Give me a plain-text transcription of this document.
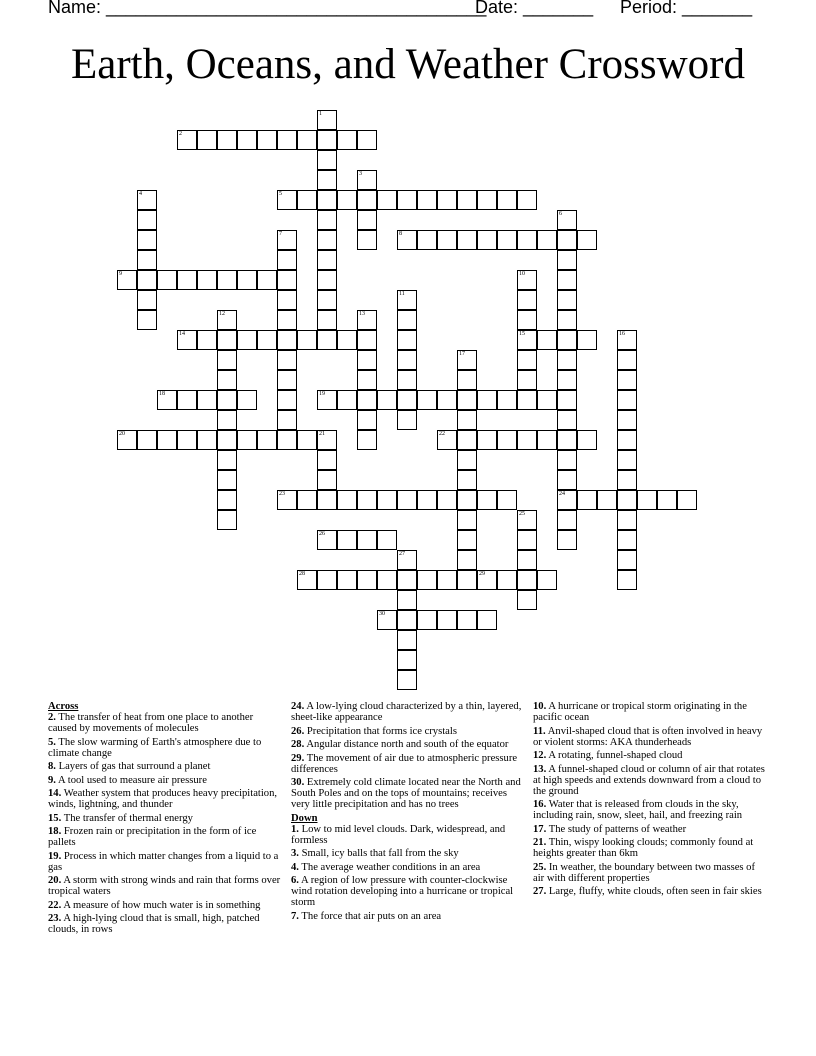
Name: ______________________________________
Date: _______ Period: _______
Earth, Oceans, and Weather Crossword
2
5
8
9
14	15
18	19
20	22
23	24
26
28	29
30
1
3
4
6
7
10
11
12	13
16
17
21
25
27
Across
2. The transfer of heat from one place to another caused by movements of molecules
5. The slow warming of Earth's atmosphere due to climate change
8. Layers of gas that surround a planet
9. A tool used to measure air pressure
14. Weather system that produces heavy precipitation, winds, lightning, and thunder
15. The transfer of thermal energy
18. Frozen rain or precipitation in the form of ice pallets
19. Process in which matter changes from a liquid to a gas
20. A storm with strong winds and rain that forms over tropical waters
22. A measure of how much water is in something
23. A high-lying cloud that is small, high, patched clouds, in rows
24. A low-lying cloud characterized by a thin, layered, sheet-like appearance
26. Precipitation that forms ice crystals
28. Angular distance north and south of the equator
29. The movement of air due to atmospheric pressure differences
30. Extremely cold climate located near the North and South Poles and on the tops of mountains; receives very little precipitation and has no trees
Down
1. Low to mid level clouds. Dark, widespread, and formless
3. Small, icy balls that fall from the sky
4. The average weather conditions in an area
6. A region of low pressure with counter-clockwise wind rotation developing into a hurricane or tropical storm
7. The force that air puts on an area
10. A hurricane or tropical storm originating in the pacific ocean
11. Anvil-shaped cloud that is often involved in heavy or violent storms: AKA thunderheads
12. A rotating, funnel-shaped cloud
13. A funnel-shaped cloud or column of air that rotates at high speeds and extends downward from a cloud to the ground
16. Water that is released from clouds in the sky, including rain, snow, sleet, hail, and freezing rain
17. The study of patterns of weather
21. Thin, wispy looking clouds; commonly found at heights greater than 6km
25. In weather, the boundary between two masses of air with different properties
27. Large, fluffy, white clouds, often seen in fair skies
